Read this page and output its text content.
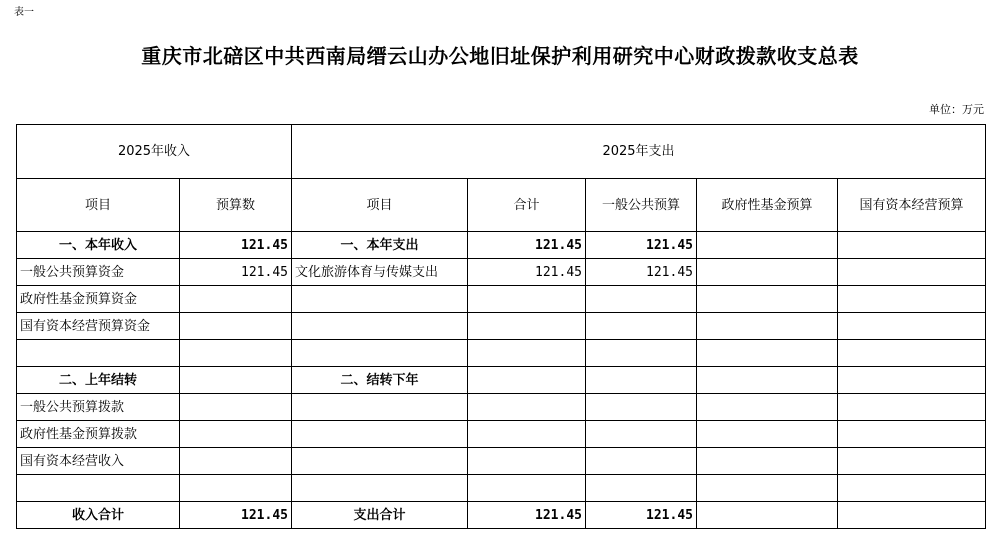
表一
重庆市北碚区中共西南局缙云山办公地旧址保护利用研究中心财政拨款收支总表
单位：万元
2025年收入		2025年支出				
项目	预算数	项目	合计	一般公共预算	政府性基金预算	国有资本经营预算
一、本年收入	121.45	一、本年支出	121.45	121.45		
一般公共预算资金	121.45	文化旅游体育与传媒支出	121.45	121.45		
政府性基金预算资金						
国有资本经营预算资金						

二、上年结转		二、结转下年				
一般公共预算拨款						
政府性基金预算拨款						
国有资本经营收入						

收入合计	121.45	支出合计	121.45	121.45		
